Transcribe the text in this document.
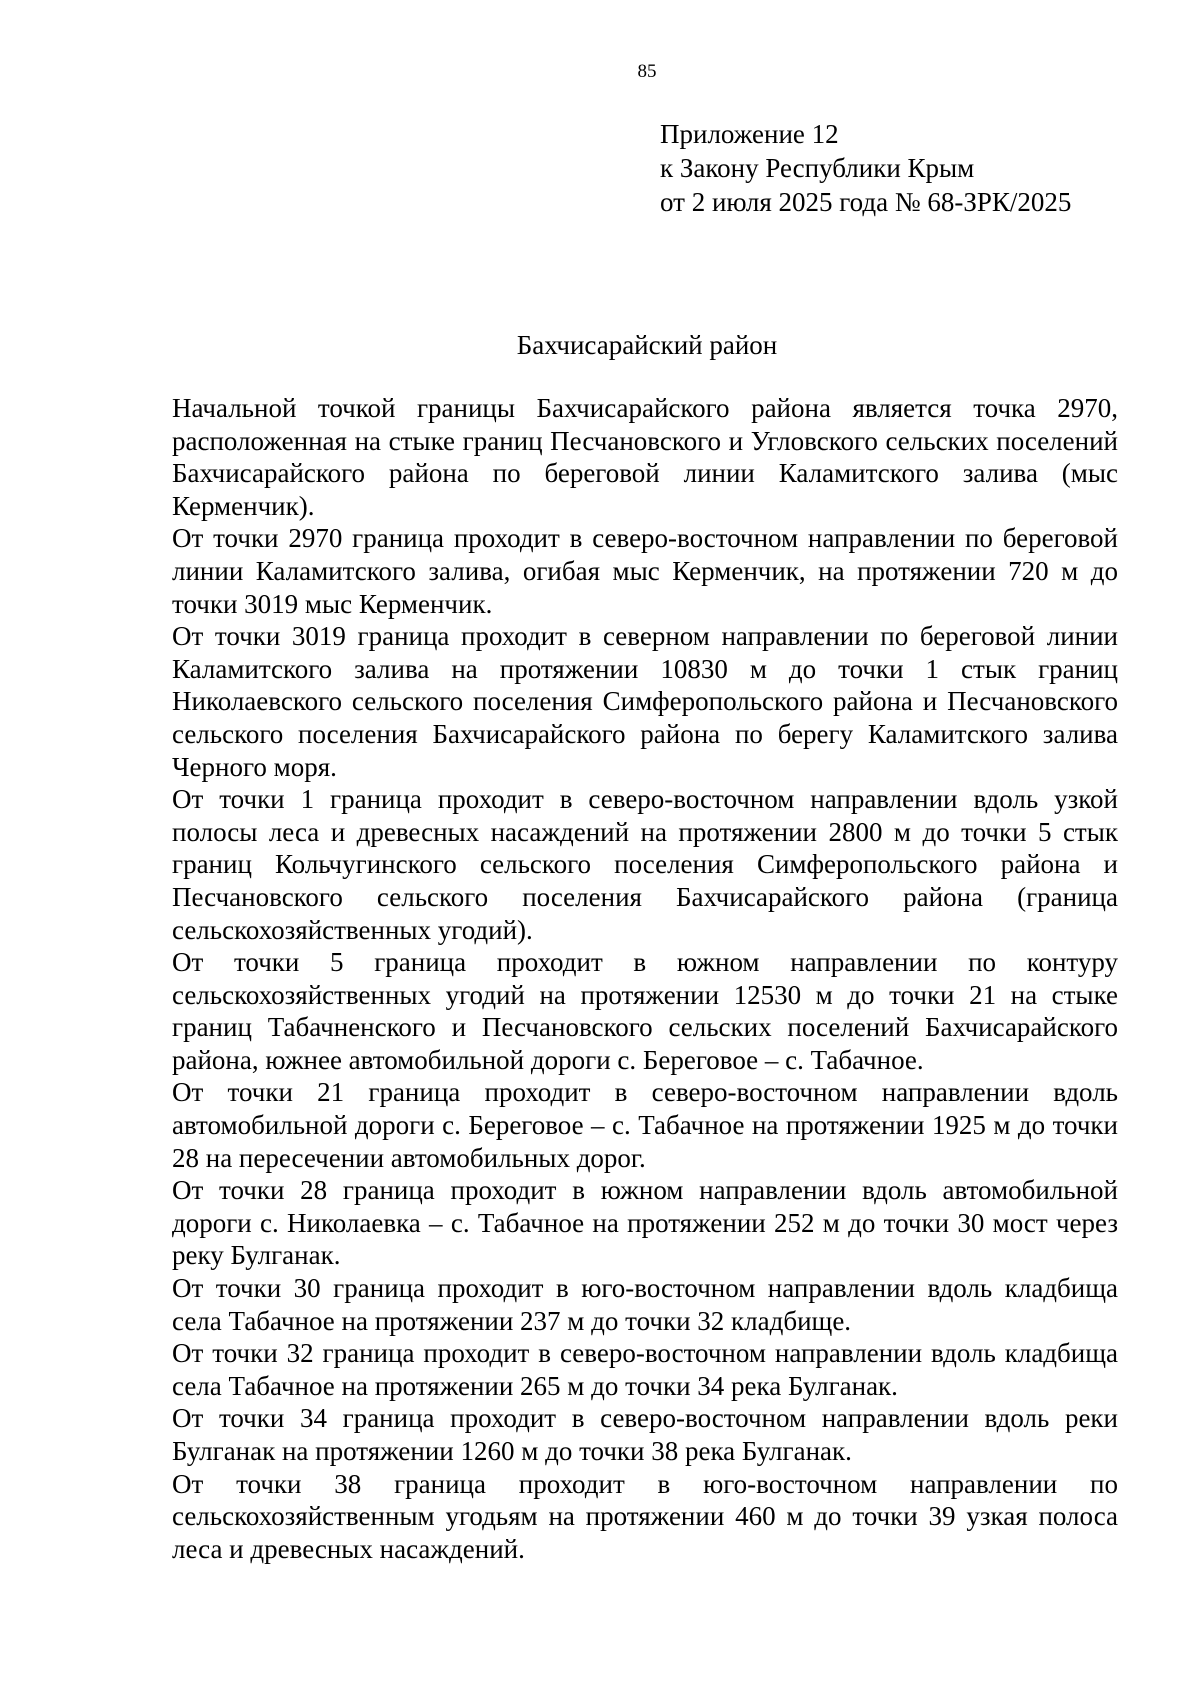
85
Приложение 12
к Закону Республики Крым
от 2 июля 2025 года № 68-ЗРК/2025
Бахчисарайский район

Начальной точкой границы Бахчисарайского района является точка 2970, расположенная на стыке границ Песчановского и Угловского сельских поселений Бахчисарайского района по береговой линии Каламитского залива (мыс Керменчик).

От точки 2970 граница проходит в северо-восточном направлении по береговой линии Каламитского залива, огибая мыс Керменчик, на протяжении 720 м до точки 3019 мыс Керменчик.

От точки 3019 граница проходит в северном направлении по береговой линии Каламитского залива на протяжении 10830 м до точки 1 стык границ Николаевского сельского поселения Симферопольского района и Песчановского сельского поселения Бахчисарайского района по берегу Каламитского залива Черного моря.

От точки 1 граница проходит в северо-восточном направлении вдоль узкой полосы леса и древесных насаждений на протяжении 2800 м до точки 5 стык границ Кольчугинского сельского поселения Симферопольского района и Песчановского сельского поселения Бахчисарайского района (граница сельскохозяйственных угодий).

От точки 5 граница проходит в южном направлении по контуру сельскохозяйственных угодий на протяжении 12530 м до точки 21 на стыке границ Табачненского и Песчановского сельских поселений Бахчисарайского района, южнее автомобильной дороги с. Береговое – с. Табачное.

От точки 21 граница проходит в северо-восточном направлении вдоль автомобильной дороги с. Береговое – с. Табачное на протяжении 1925 м до точки 28 на пересечении автомобильных дорог.

От точки 28 граница проходит в южном направлении вдоль автомобильной дороги с. Николаевка – с. Табачное на протяжении 252 м до точки 30 мост через реку Булганак.

От точки 30 граница проходит в юго-восточном направлении вдоль кладбища села Табачное на протяжении 237 м до точки 32 кладбище.

От точки 32 граница проходит в северо-восточном направлении вдоль кладбища села Табачное на протяжении 265 м до точки 34 река Булганак.

От точки 34 граница проходит в северо-восточном направлении вдоль реки Булганак на протяжении 1260 м до точки 38 река Булганак.

От точки 38 граница проходит в юго-восточном направлении по сельскохозяйственным угодьям на протяжении 460 м до точки 39 узкая полоса леса и древесных насаждений.
